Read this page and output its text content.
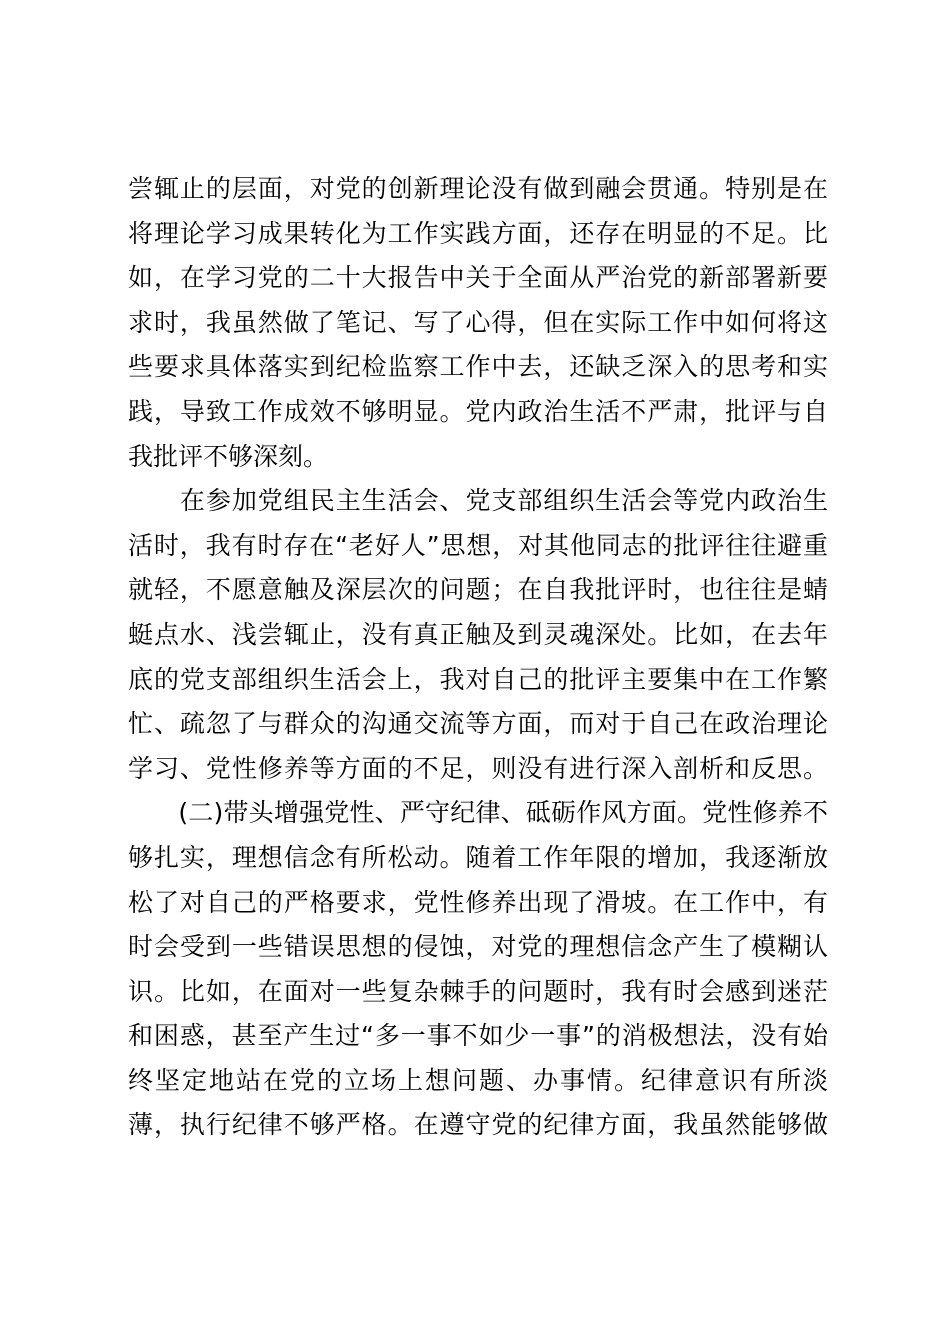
尝辄止的层面，对党的创新理论没有做到融会贯通。特别是在
将理论学习成果转化为工作实践方面，还存在明显的不足。比
如，在学习党的二十大报告中关于全面从严治党的新部署新要
求时，我虽然做了笔记、写了心得，但在实际工作中如何将这
些要求具体落实到纪检监察工作中去，还缺乏深入的思考和实
践，导致工作成效不够明显。党内政治生活不严肃，批评与自
我批评不够深刻。
　　在参加党组民主生活会、党支部组织生活会等党内政治生
活时，我有时存在“老好人”思想，对其他同志的批评往往避重
就轻，不愿意触及深层次的问题；在自我批评时，也往往是蜻
蜓点水、浅尝辄止，没有真正触及到灵魂深处。比如，在去年
底的党支部组织生活会上，我对自己的批评主要集中在工作繁
忙、疏忽了与群众的沟通交流等方面，而对于自己在政治理论
学习、党性修养等方面的不足，则没有进行深入剖析和反思。
　　(二)带头增强党性、严守纪律、砥砺作风方面。党性修养不
够扎实，理想信念有所松动。随着工作年限的增加，我逐渐放
松了对自己的严格要求，党性修养出现了滑坡。在工作中，有
时会受到一些错误思想的侵蚀，对党的理想信念产生了模糊认
识。比如，在面对一些复杂棘手的问题时，我有时会感到迷茫
和困惑，甚至产生过“多一事不如少一事”的消极想法，没有始
终坚定地站在党的立场上想问题、办事情。纪律意识有所淡
薄，执行纪律不够严格。在遵守党的纪律方面，我虽然能够做
